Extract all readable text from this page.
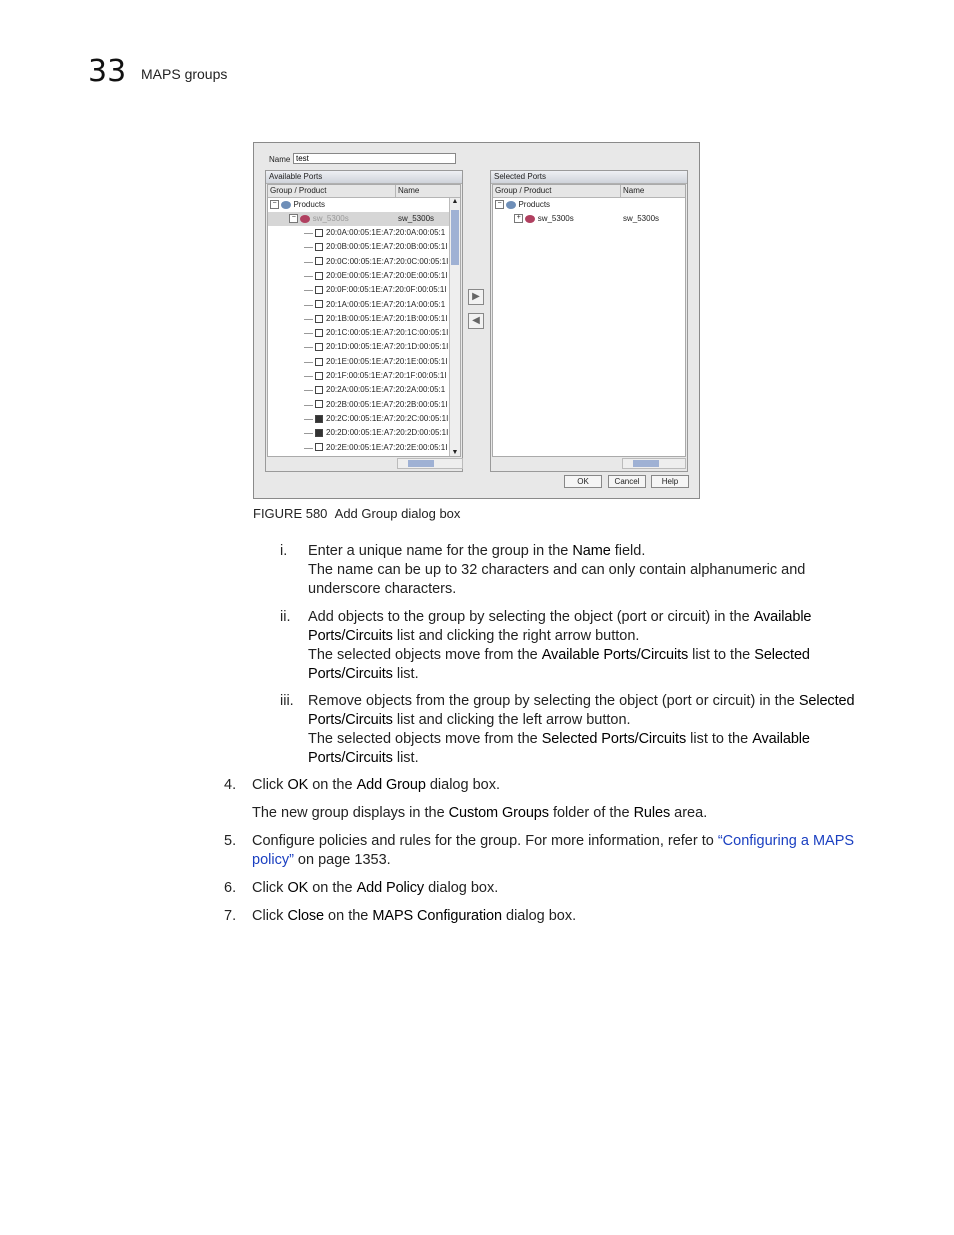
33 MAPS groups
Name
test
Available Ports
Group / Product	Name
− Products
− sw_5300s	sw_5300s
20:0A:00:05:1E:A7:20:0A:00:05:1
20:0B:00:05:1E:A7:20:0B:00:05:1I
20:0C:00:05:1E:A7:20:0C:00:05:1I
20:0E:00:05:1E:A7:20:0E:00:05:1I
20:0F:00:05:1E:A7:20:0F:00:05:1I
20:1A:00:05:1E:A7:20:1A:00:05:1
20:1B:00:05:1E:A7:20:1B:00:05:1I
20:1C:00:05:1E:A7:20:1C:00:05:1I
20:1D:00:05:1E:A7:20:1D:00:05:1I
20:1E:00:05:1E:A7:20:1E:00:05:1I
20:1F:00:05:1E:A7:20:1F:00:05:1I
20:2A:00:05:1E:A7:20:2A:00:05:1
20:2B:00:05:1E:A7:20:2B:00:05:1I
20:2C:00:05:1E:A7:20:2C:00:05:1I
20:2D:00:05:1E:A7:20:2D:00:05:1I
20:2E:00:05:1E:A7:20:2E:00:05:1I
▲
▼
▶
◀
Selected Ports
Group / Product	Name
− Products
+ sw_5300s	sw_5300s
OK	Cancel	Help
FIGURE 580 Add Group dialog box
i. Enter a unique name for the group in the Name field.
The name can be up to 32 characters and can only contain alphanumeric and
underscore characters.
ii. Add objects to the group by selecting the object (port or circuit) in the Available
Ports/Circuits list and clicking the right arrow button.
The selected objects move from the Available Ports/Circuits list to the Selected
Ports/Circuits list.
iii. Remove objects from the group by selecting the object (port or circuit) in the Selected
Ports/Circuits list and clicking the left arrow button.
The selected objects move from the Selected Ports/Circuits list to the Available
Ports/Circuits list.
4. Click OK on the Add Group dialog box.
The new group displays in the Custom Groups folder of the Rules area.
5. Configure policies and rules for the group. For more information, refer to “Configuring a MAPS
policy” on page 1353.
6. Click OK on the Add Policy dialog box.
7. Click Close on the MAPS Configuration dialog box.
